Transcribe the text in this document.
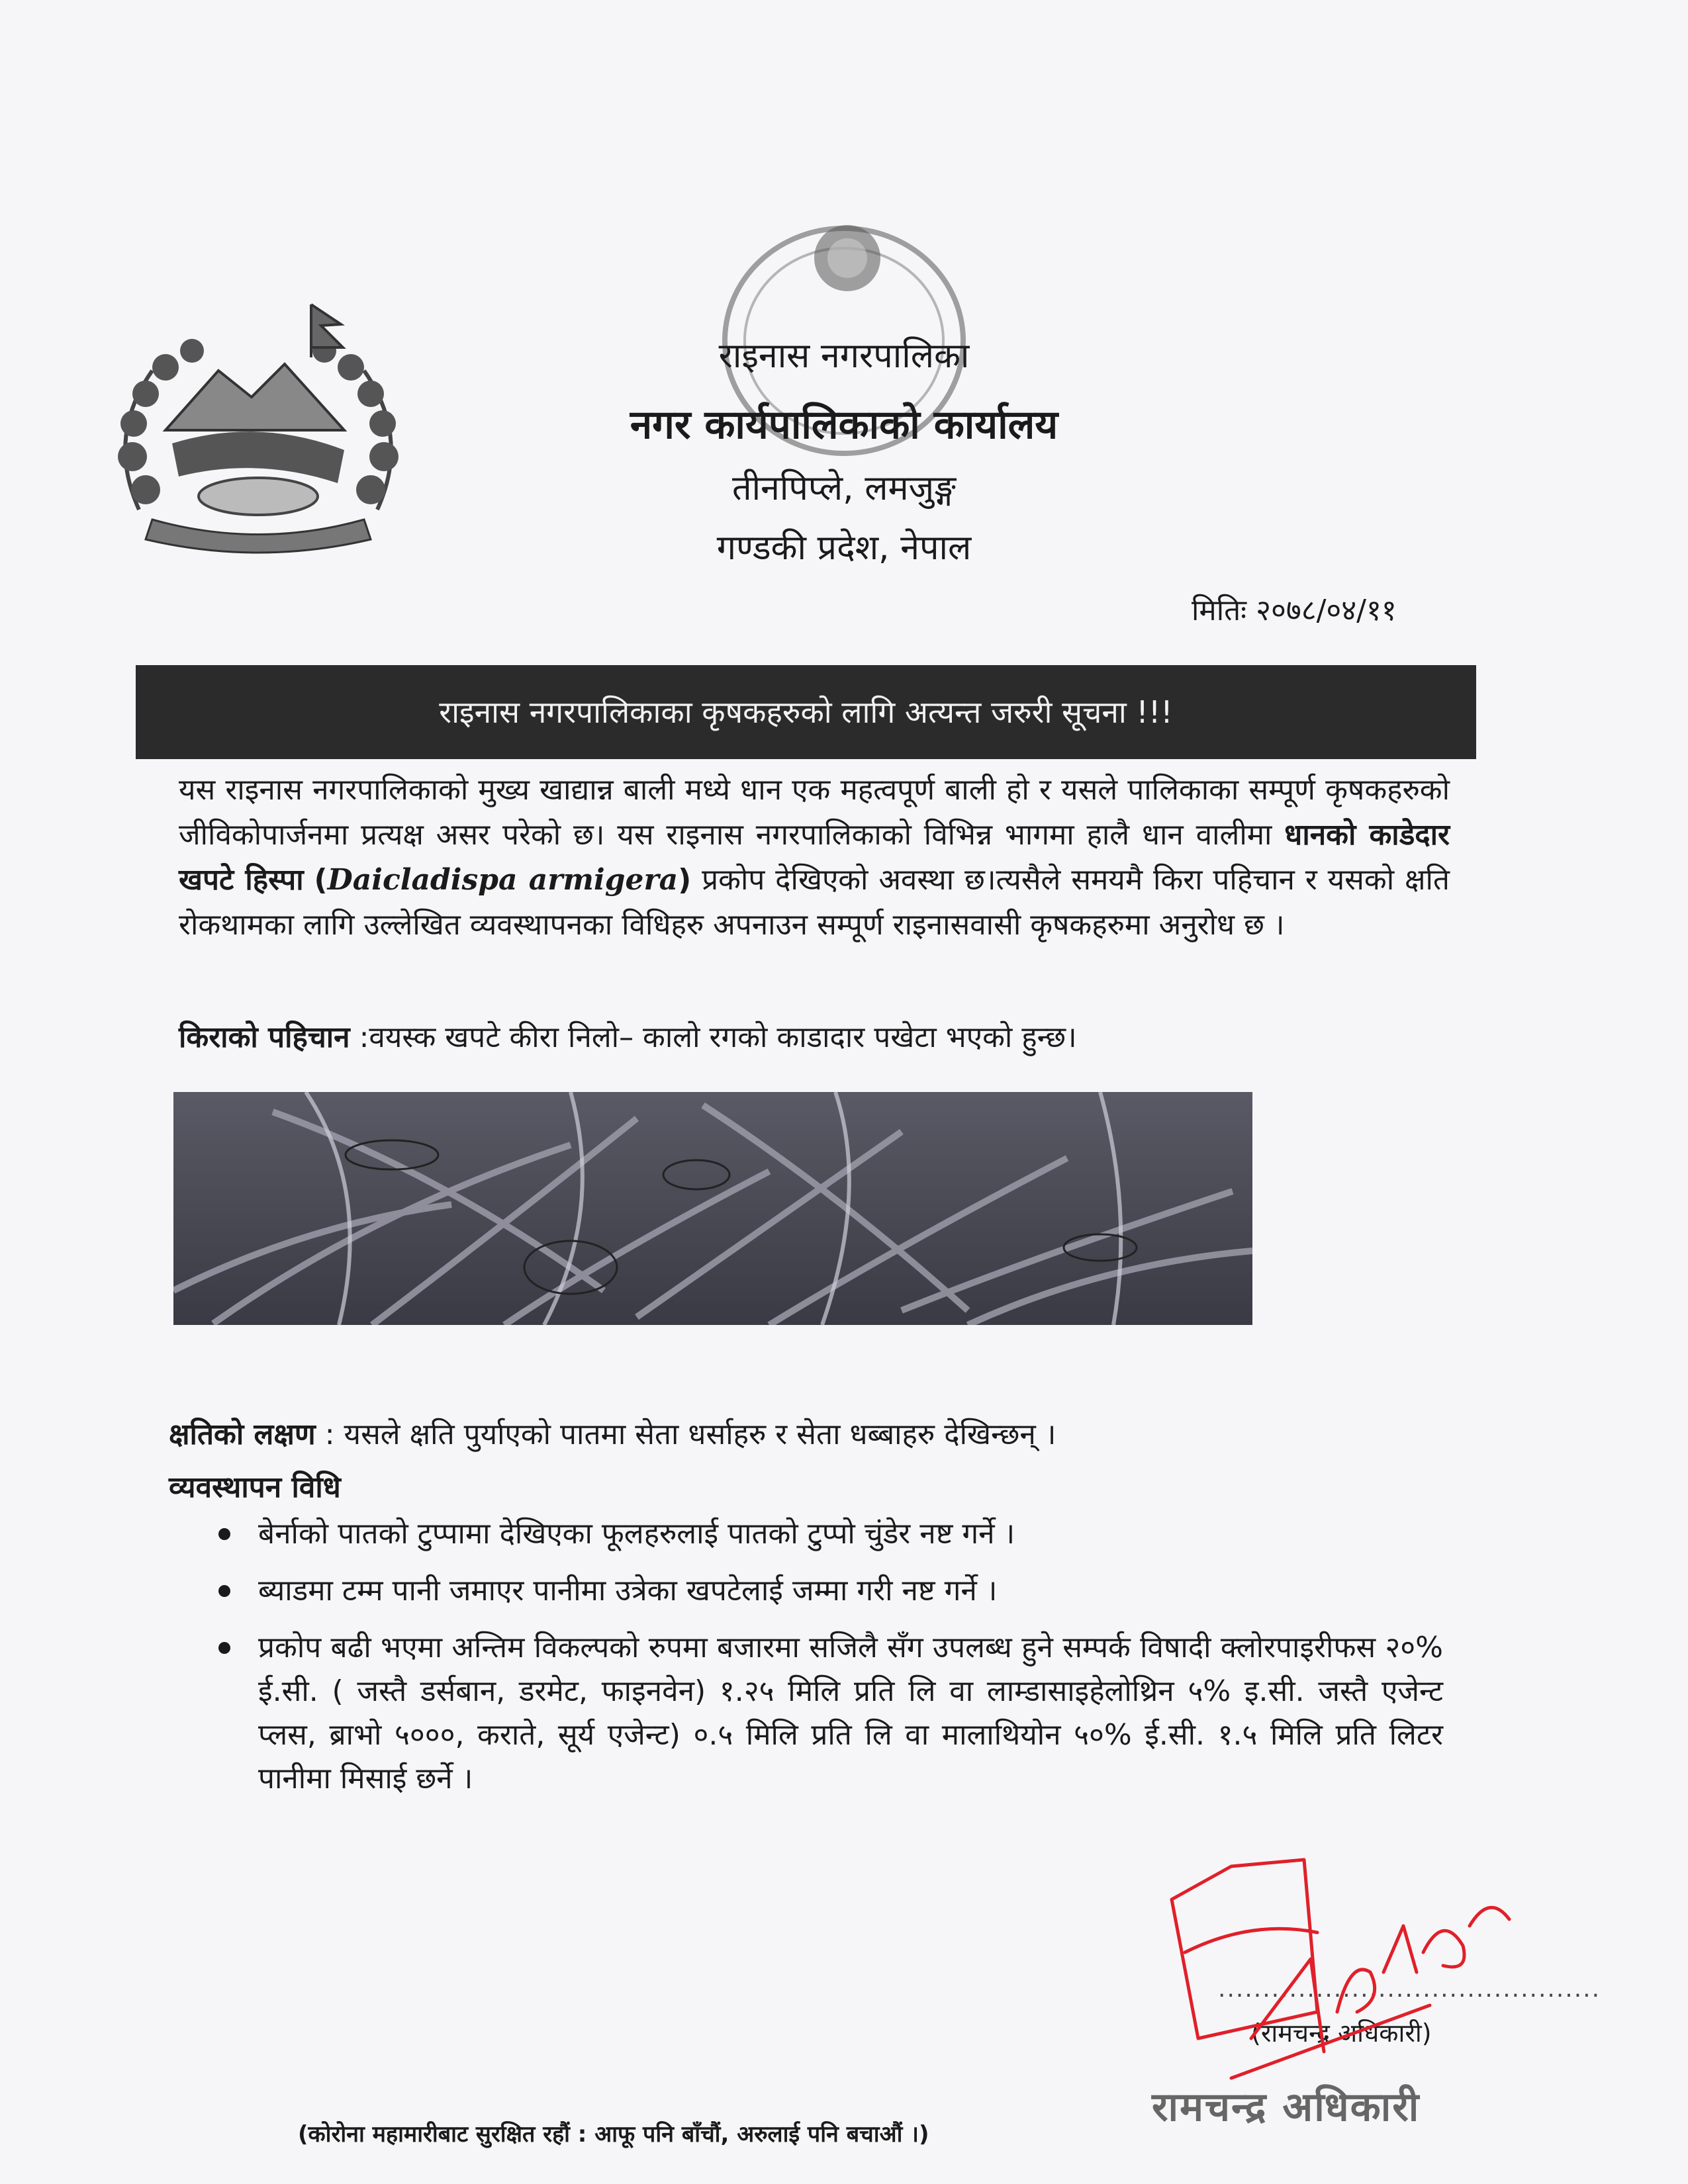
राइनास नगरपालिका
नगर कार्यपालिकाको कार्यालय
तीनपिप्ले, लमजुङ्ग
गण्डकी प्रदेश, नेपाल
मितिः २०७८/०४/११
राइनास नगरपालिकाका कृषकहरुको लागि अत्यन्त जरुरी सूचना !!!
यस राइनास नगरपालिकाको मुख्य खाद्यान्न बाली मध्ये धान एक महत्वपूर्ण बाली हो र यसले पालिकाका सम्पूर्ण कृषकहरुको जीविकोपार्जनमा प्रत्यक्ष असर परेको छ। यस राइनास नगरपालिकाको विभिन्न भागमा हालै धान वालीमा धानको काडेदार खपटे हिस्पा (Daicladispa armigera) प्रकोप देखिएको अवस्था छ।त्यसैले समयमै किरा पहिचान र यसको क्षति रोकथामका लागि उल्लेखित व्यवस्थापनका विधिहरु अपनाउन सम्पूर्ण राइनासवासी कृषकहरुमा अनुरोध छ ।
किराको पहिचान :वयस्क खपटे कीरा निलो– कालो रगको काडादार पखेटा भएको हुन्छ।
क्षतिको लक्षण : यसले क्षति पुर्याएको पातमा सेता धर्साहरु र सेता धब्बाहरु देखिन्छन् ।
व्यवस्थापन विधि
बेर्नाको पातको टुप्पामा देखिएका फूलहरुलाई पातको टुप्पो चुंडेर नष्ट गर्ने ।
ब्याडमा टम्म पानी जमाएर पानीमा उत्रेका खपटेलाई जम्मा गरी नष्ट गर्ने ।
प्रकोप बढी भएमा अन्तिम विकल्पको रुपमा बजारमा सजिलै सँग उपलब्ध हुने सम्पर्क विषादी क्लोरपाइरीफस २०% ई.सी. ( जस्तै डर्सबान, डरमेट, फाइनवेन) १.२५ मिलि प्रति लि वा लाम्डासाइहेलोथ्रिन ५% इ.सी. जस्तै एजेन्ट प्लस, ब्राभो ५०००, कराते, सूर्य एजेन्ट) ०.५ मिलि प्रति लि वा मालाथियोन ५०% ई.सी. १.५ मिलि प्रति लिटर पानीमा मिसाई छर्ने ।
...........................................
(रामचन्द्र अधिकारी)
रामचन्द्र अधिकारी
(कोरोना महामारीबाट सुरक्षित रहौं : आफू पनि बाँचौं, अरुलाई पनि बचाऔं ।)
